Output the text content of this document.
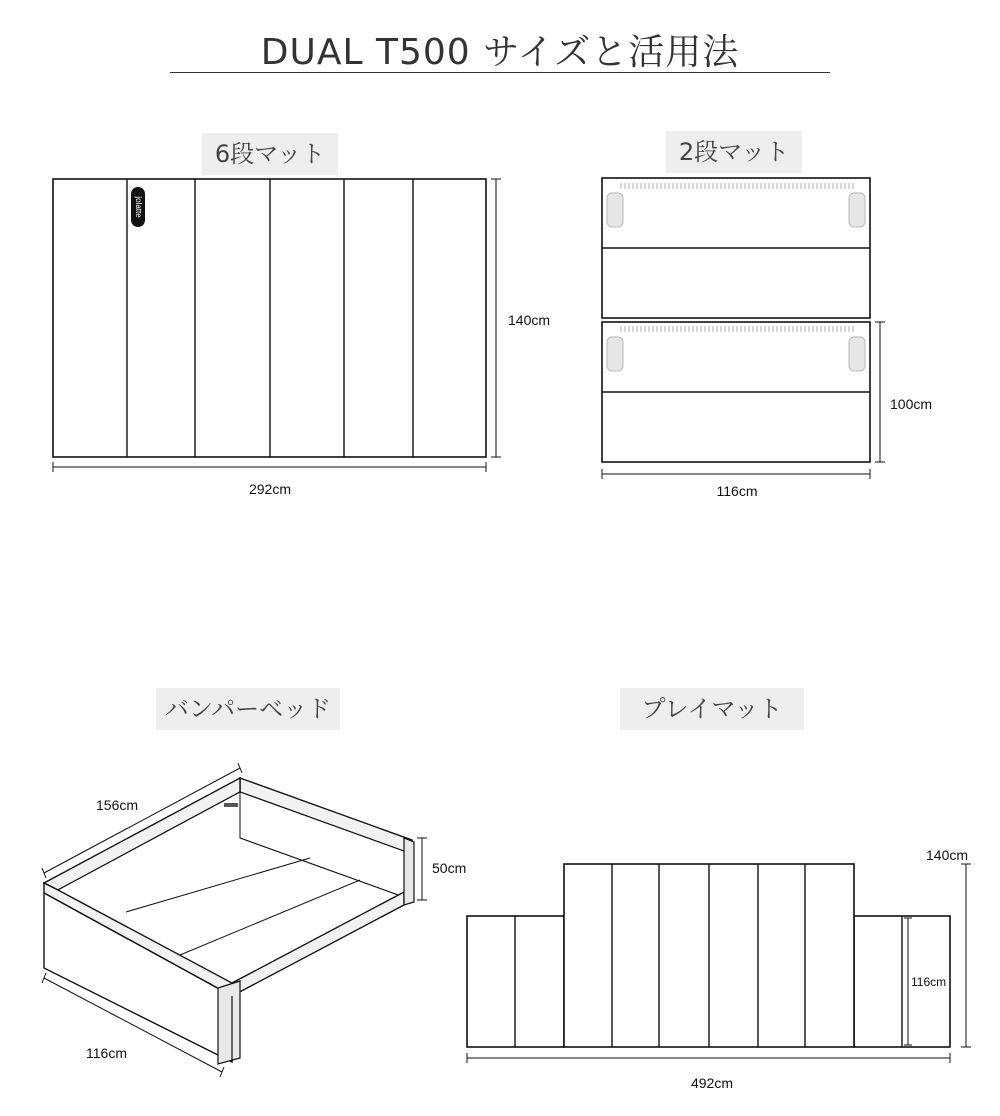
DUAL T500 サイズと活用法
6段マット	2段マット
バンパーベッド	プレイマット
jolatte
292cm
140cm
116cm
100cm
156cm
116cm
50cm
492cm
140cm
116cm
